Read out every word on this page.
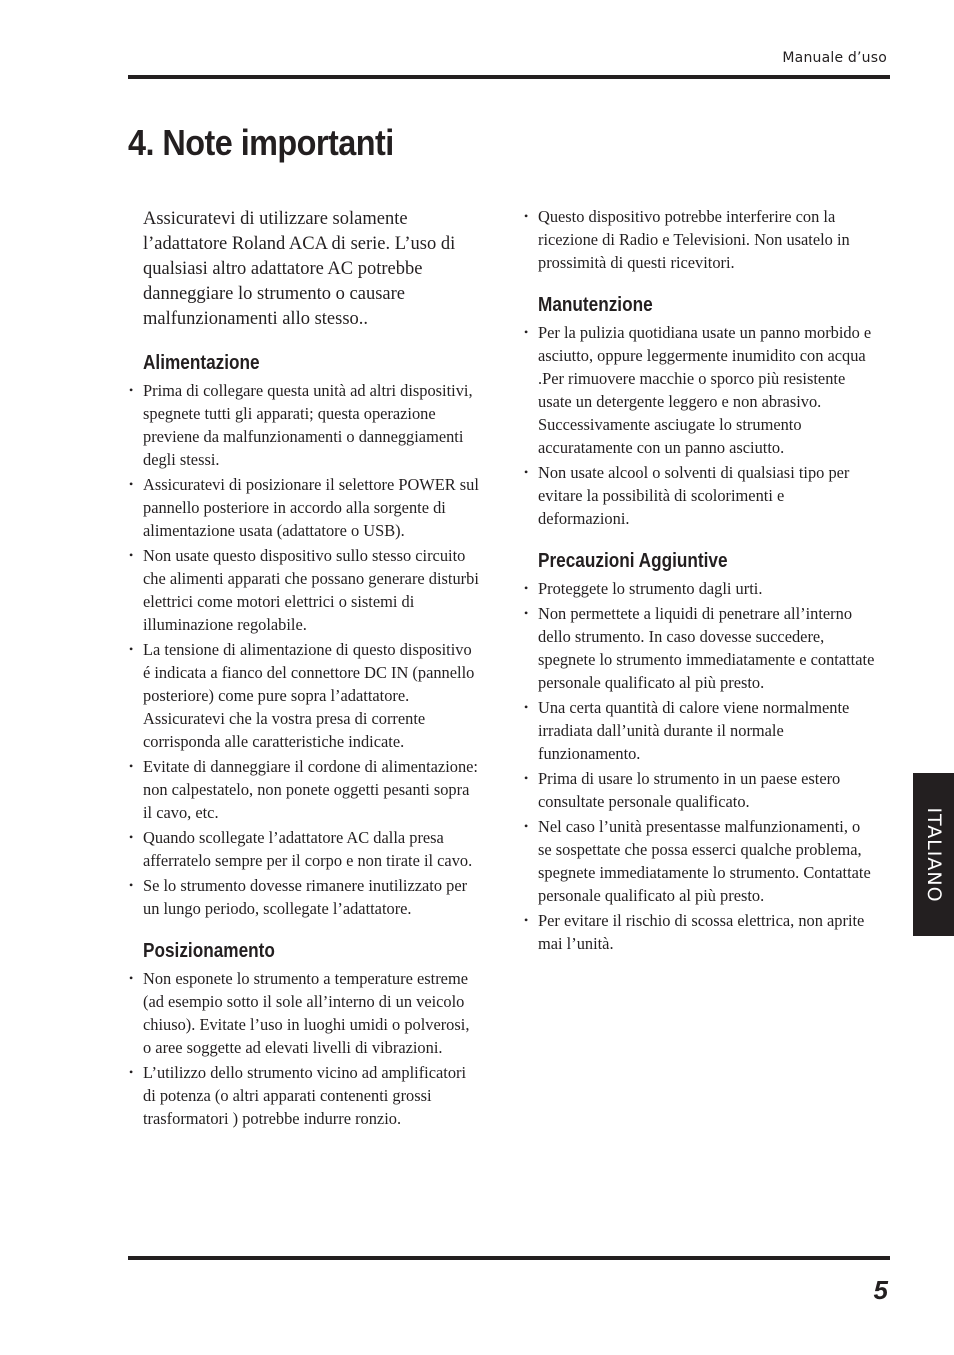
Manuale d’uso
4. Note importanti

Assicuratevi di utilizzare solamente l’adattatore Roland ACA di serie. L’uso di qualsiasi altro adattatore AC potrebbe danneggiare lo strumento o causare malfunzionamenti allo stesso..

Alimentazione
• Prima di collegare questa unità ad altri dispositivi, spegnete tutti gli apparati; questa operazione previene da malfunzionamenti o danneggiamenti degli stessi.
• Assicuratevi di posizionare il selettore POWER sul pannello posteriore in accordo alla sorgente di alimentazione usata (adattatore o USB).
• Non usate questo dispositivo sullo stesso circuito che alimenti apparati che possano generare disturbi elettrici come motori elettrici o sistemi di illuminazione regolabile.
• La tensione di alimentazione di questo dispositivo é indicata a fianco del connettore DC IN (pannello posteriore) come pure sopra l’adattatore. Assicuratevi che la vostra presa di corrente corrisponda alle caratteristiche indicate.
• Evitate di danneggiare il cordone di alimentazione: non calpestatelo, non ponete oggetti pesanti sopra il cavo, etc.
• Quando scollegate l’adattatore AC dalla presa afferratelo sempre per il corpo e non tirate il cavo.
• Se lo strumento dovesse rimanere inutilizzato per un lungo periodo, scollegate l’adattatore.
Posizionamento
• Non esponete lo strumento a temperature estreme (ad esempio sotto il sole all’interno di un veicolo chiuso). Evitate l’uso in luoghi umidi o polverosi, o aree soggette ad elevati livelli di vibrazioni.
• L’utilizzo dello strumento vicino ad amplificatori di potenza (o altri apparati contenenti grossi trasformatori ) potrebbe indurre ronzio.
• Questo dispositivo potrebbe interferire con la ricezione di Radio e Televisioni. Non usatelo in prossimità di questi ricevitori.
Manutenzione
• Per la pulizia quotidiana usate un panno morbido e asciutto, oppure leggermente inumidito con acqua .Per rimuovere macchie o sporco più resistente usate un detergente leggero e non abrasivo. Successivamente asciugate lo strumento accuratamente con un panno asciutto.
• Non usate alcool o solventi di qualsiasi tipo per evitare la possibilità di scolorimenti e deformazioni.
Precauzioni Aggiuntive
• Proteggete lo strumento dagli urti.
• Non permettete a liquidi di penetrare all’interno dello strumento. In caso dovesse succedere, spegnete lo strumento immediatamente e contattate personale qualificato al più presto.
• Una certa quantità di calore viene normalmente irradiata dall’unità durante il normale funzionamento.
• Prima di usare lo strumento in un paese estero consultate personale qualificato.
• Nel caso l’unità presentasse malfunzionamenti, o se sospettate che possa esserci qualche problema, spegnete immediatamente lo strumento. Contattate personale qualificato al più presto.
• Per evitare il rischio di scossa elettrica, non aprite mai l’unità.
ITALIANO
5
